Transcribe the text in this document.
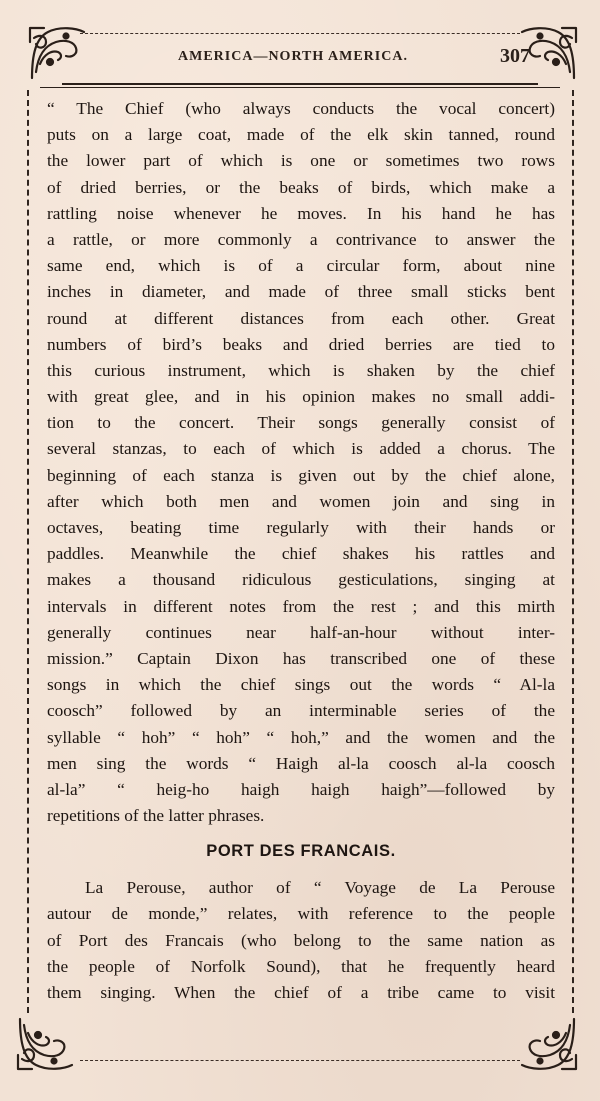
AMERICA—NORTH AMERICA.	307
“ The Chief (who always conducts the vocal concert)
puts on a large coat, made of the elk skin tanned, round
the lower part of which is one or sometimes two rows
of dried berries, or the beaks of birds, which make a
rattling noise whenever he moves. In his hand he has
a rattle, or more commonly a contrivance to answer the
same end, which is of a circular form, about nine
inches in diameter, and made of three small sticks bent
round at different distances from each other. Great
numbers of bird’s beaks and dried berries are tied to
this curious instrument, which is shaken by the chief
with great glee, and in his opinion makes no small addi-
tion to the concert. Their songs generally consist of
several stanzas, to each of which is added a chorus. The
beginning of each stanza is given out by the chief alone,
after which both men and women join and sing in
octaves, beating time regularly with their hands or
paddles. Meanwhile the chief shakes his rattles and
makes a thousand ridiculous gesticulations, singing at
intervals in different notes from the rest ; and this mirth
generally continues near half-an-hour without inter-
mission.” Captain Dixon has transcribed one of these
songs in which the chief sings out the words “ Al-la
coosch” followed by an interminable series of the
syllable “ hoh” “ hoh” “ hoh,” and the women and the
men sing the words “ Haigh al-la coosch al-la coosch
al-la” “ heig-ho haigh haigh haigh”—followed by
repetitions of the latter phrases.
PORT DES FRANCAIS.
La Perouse, author of “ Voyage de La Perouse
autour de monde,” relates, with reference to the people
of Port des Francais (who belong to the same nation as
the people of Norfolk Sound), that he frequently heard
them singing. When the chief of a tribe came to visit
